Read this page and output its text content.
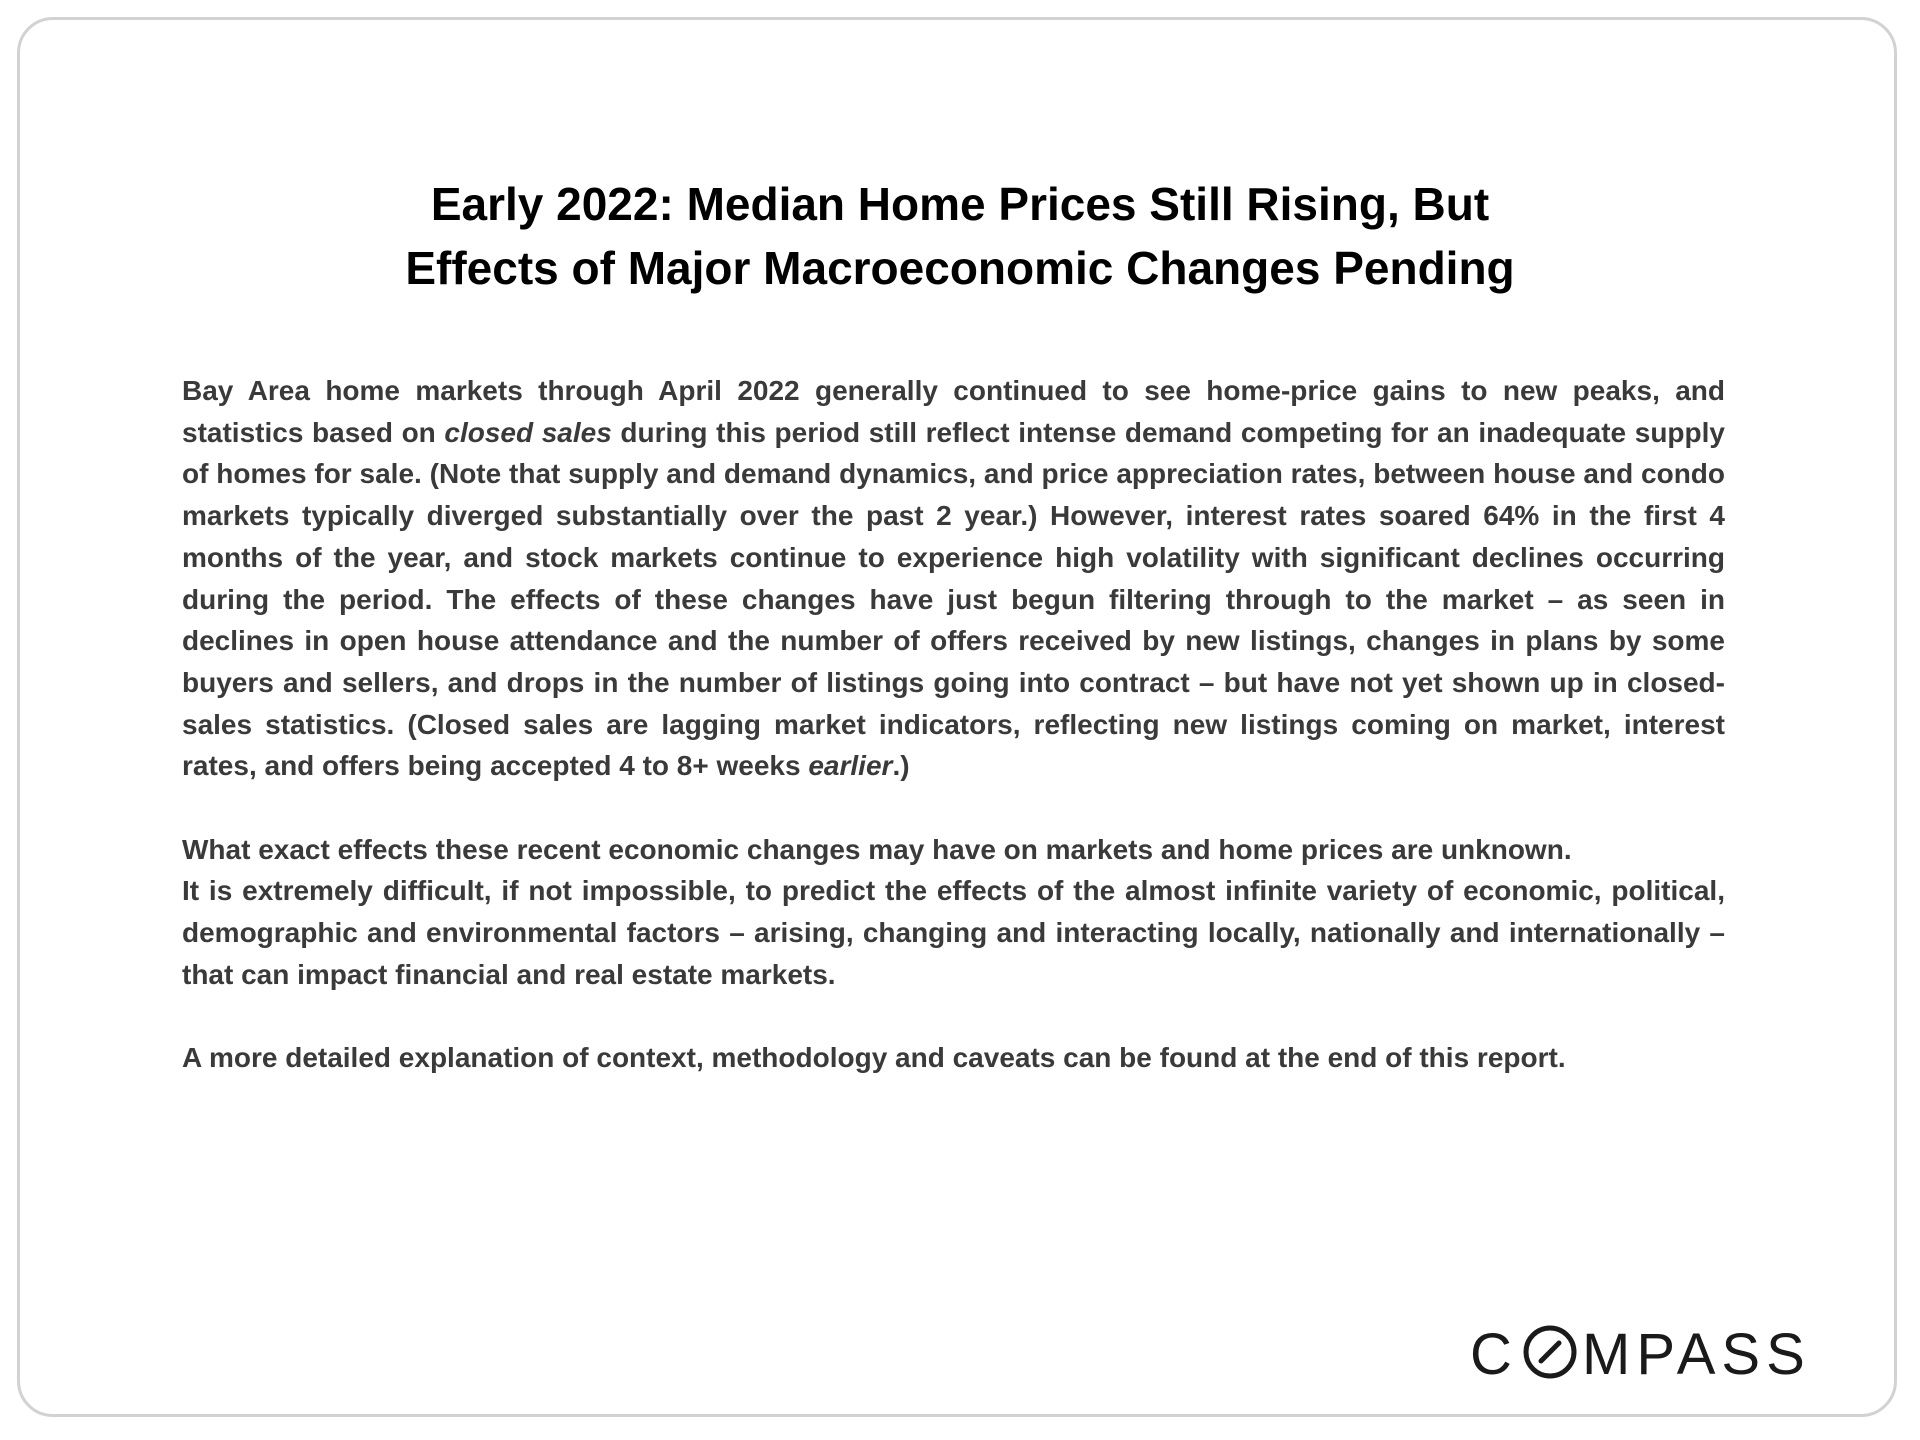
Early 2022: Median Home Prices Still Rising, But
Effects of Major Macroeconomic Changes Pending

Bay Area home markets through April 2022 generally continued to see home-price gains to new peaks, and statistics based on closed sales during this period still reflect intense demand competing for an inadequate supply of homes for sale. (Note that supply and demand dynamics, and price appreciation rates, between house and condo markets typically diverged substantially over the past 2 year.) However, interest rates soared 64% in the first 4 months of the year, and stock markets continue to experience high volatility with significant declines occurring during the period. The effects of these changes have just begun filtering through to the market – as seen in declines in open house attendance and the number of offers received by new listings, changes in plans by some buyers and sellers, and drops in the number of listings going into contract – but have not yet shown up in closed-sales statistics. (Closed sales are lagging market indicators, reflecting new listings coming on market, interest rates, and offers being accepted 4 to 8+ weeks earlier.)

What exact effects these recent economic changes may have on markets and home prices are unknown.
It is extremely difficult, if not impossible, to predict the effects of the almost infinite variety of economic, political, demographic and environmental factors – arising, changing and interacting locally, nationally and internationally – that can impact financial and real estate markets.

A more detailed explanation of context, methodology and caveats can be found at the end of this report.

C MPASS
